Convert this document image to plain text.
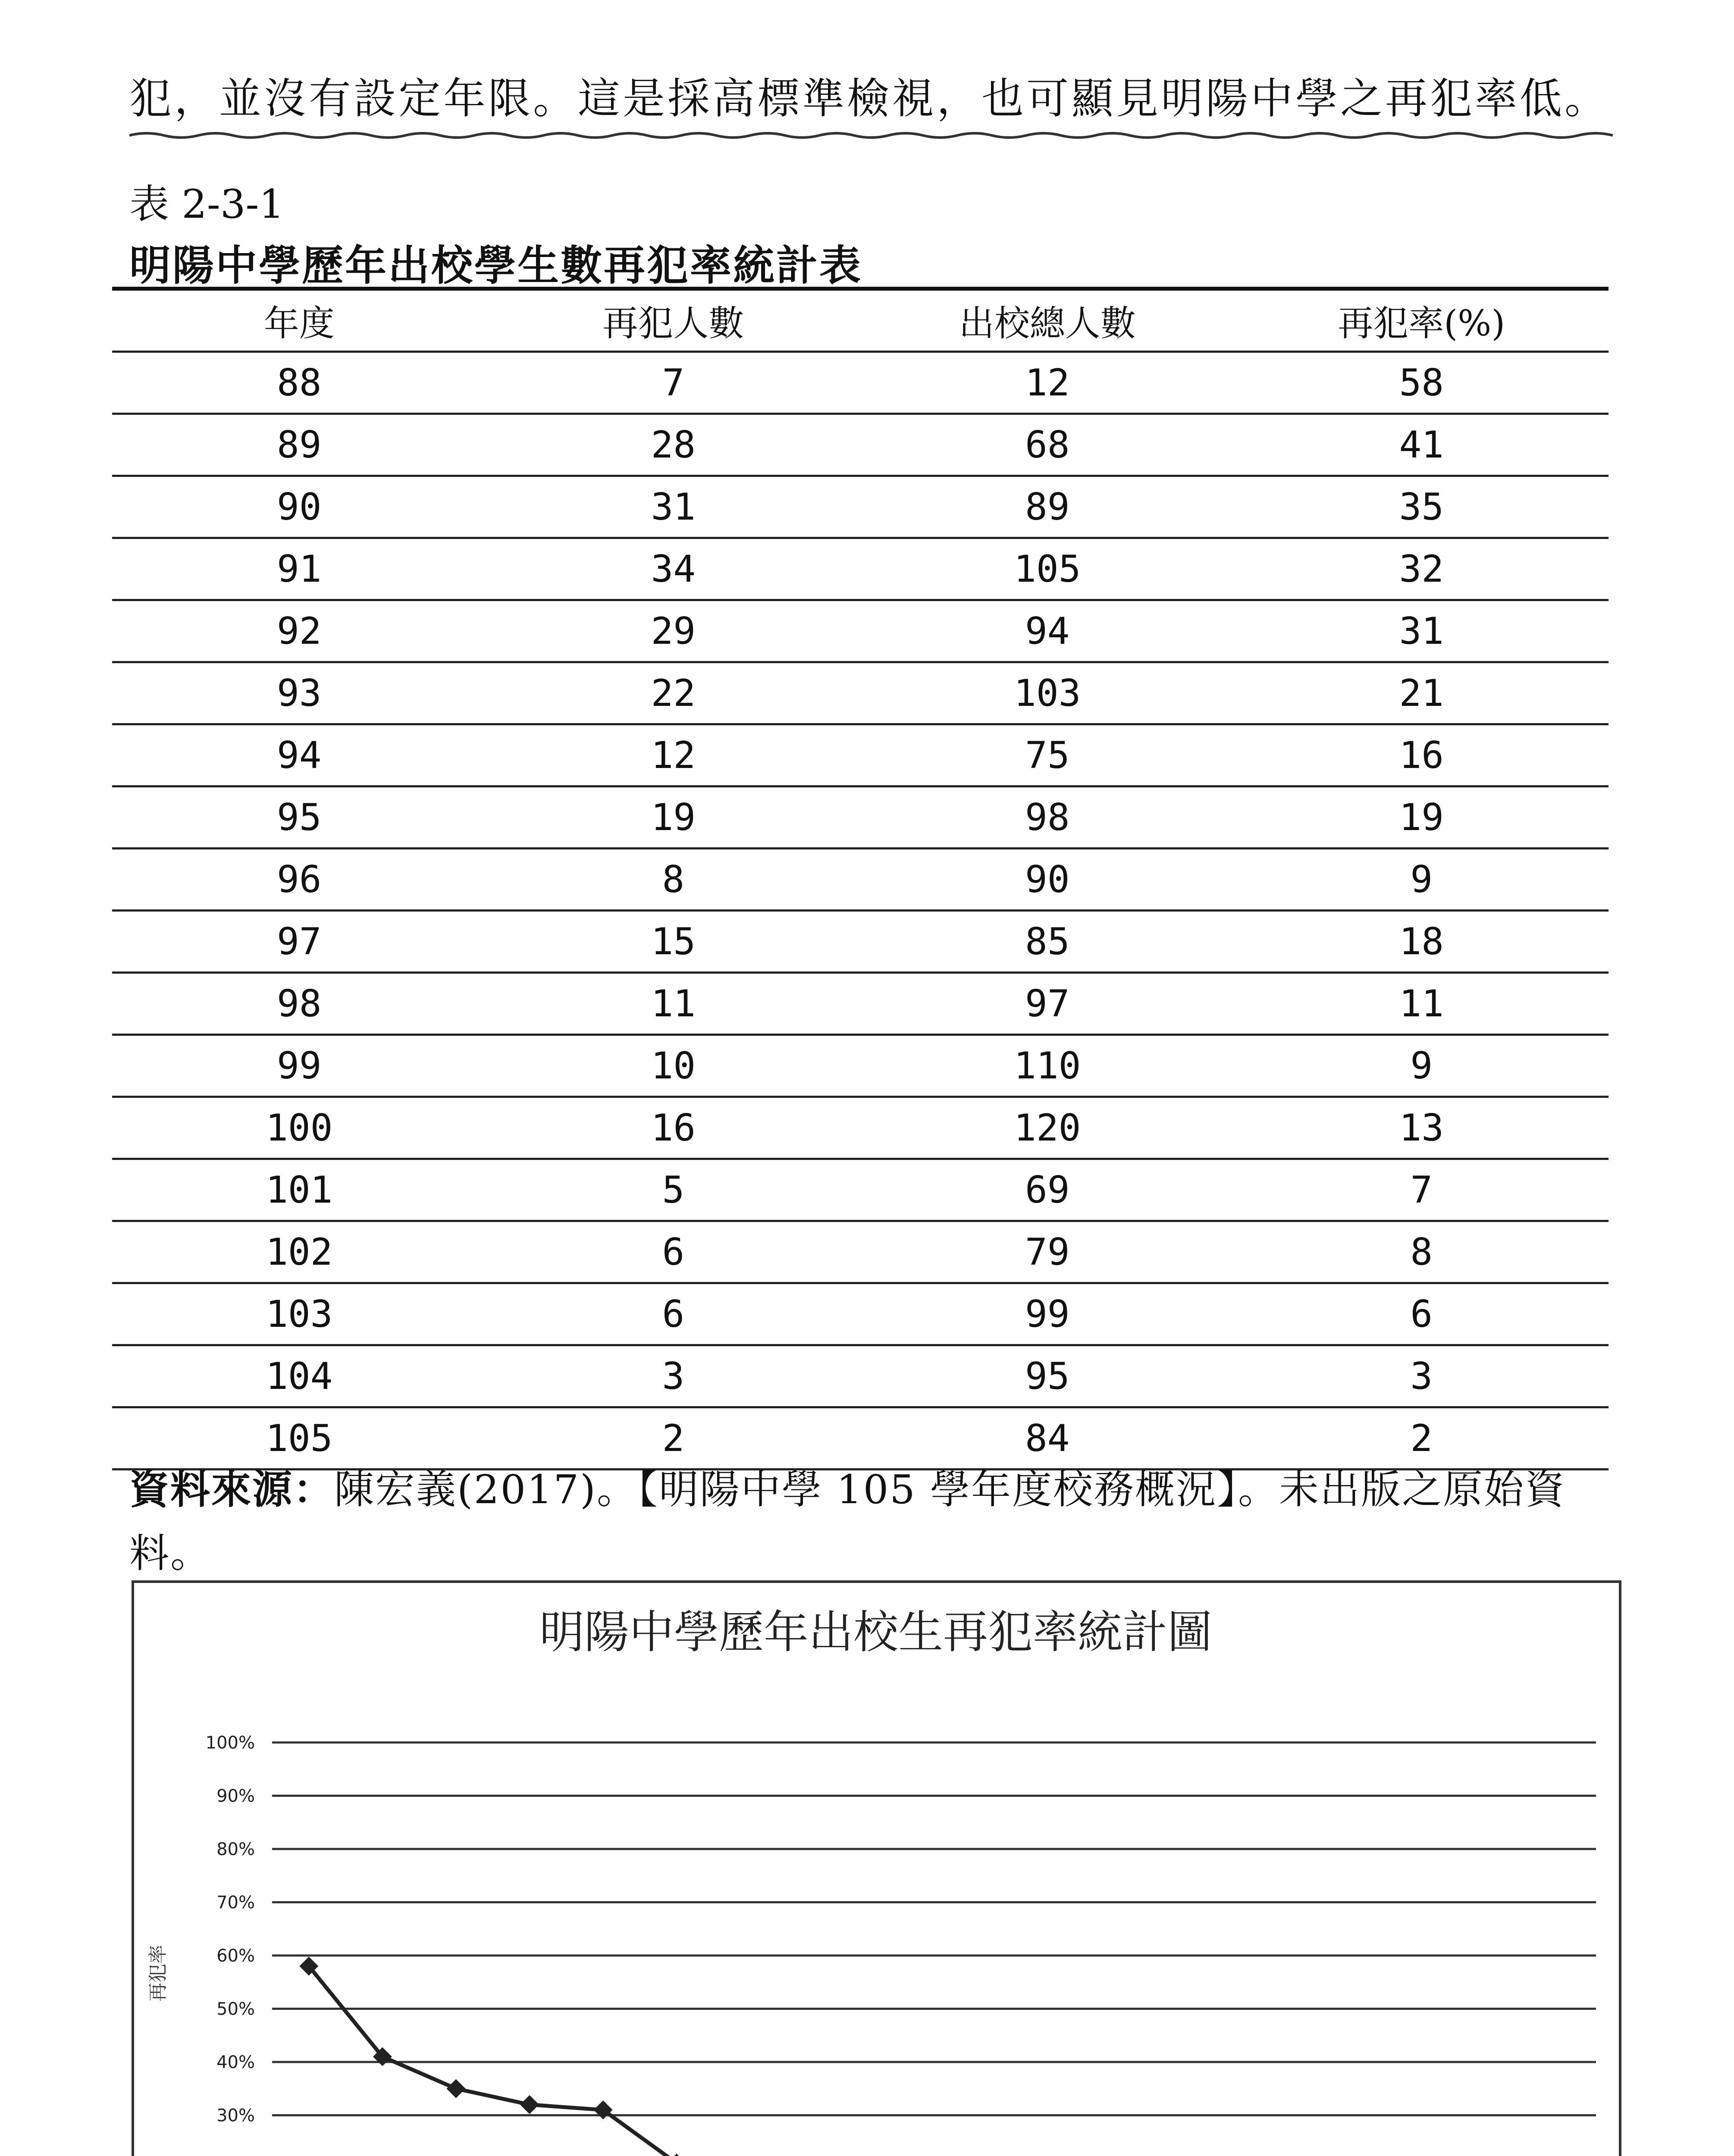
犯，並沒有設定年限。這是採高標準檢視，也可顯見明陽中學之再犯率低。
表 2-3-1
明陽中學歷年出校學生數再犯率統計表
年度	再犯人數	出校總人數	再犯率(%)
88	7	12	58
89	28	68	41
90	31	89	35
91	34	105	32
92	29	94	31
93	22	103	21
94	12	75	16
95	19	98	19
96	8	90	9
97	15	85	18
98	11	97	11
99	10	110	9
100	16	120	13
101	5	69	7
102	6	79	8
103	6	99	6
104	3	95	3
105	2	84	2
資料來源：陳宏義(2017)。【明陽中學 105 學年度校務概況】。未出版之原始資料。
明陽中學歷年出校生再犯率統計圖
再犯率
30%
40%
50%
60%
70%
80%
90%
100%
